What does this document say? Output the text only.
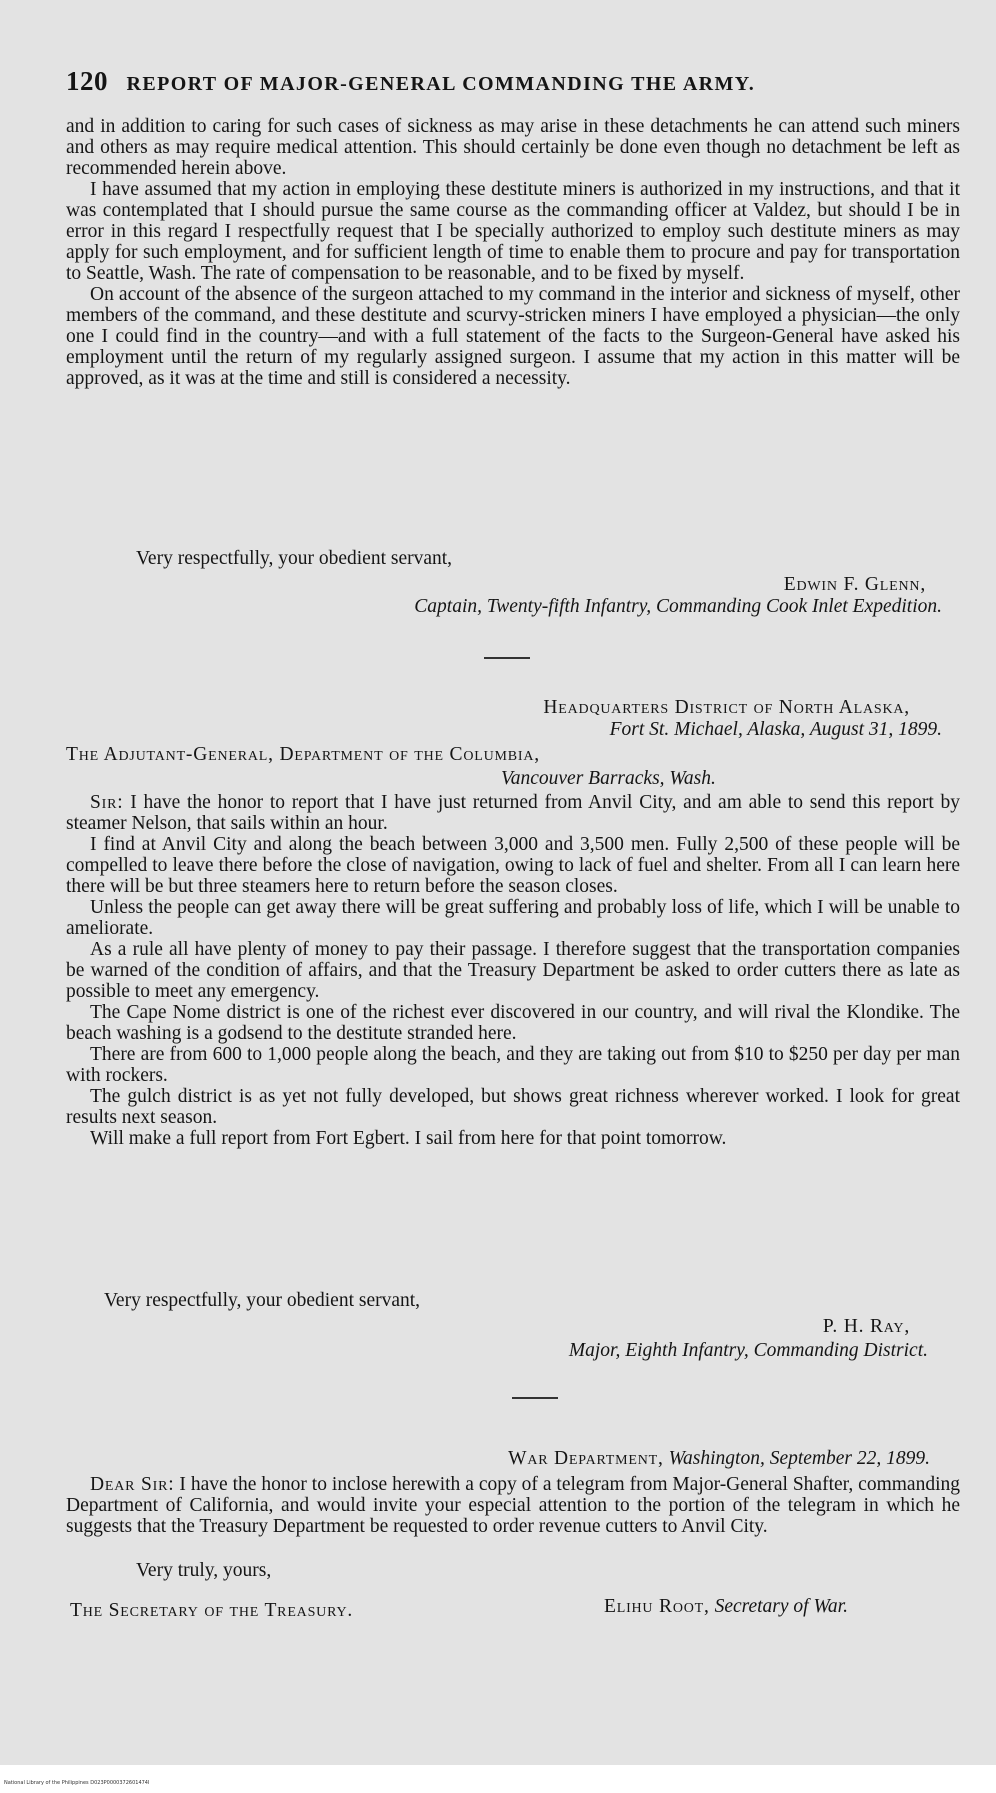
120 REPORT OF MAJOR-GENERAL COMMANDING THE ARMY.

and in addition to caring for such cases of sickness as may arise in these detachments he can attend such miners and others as may require medical attention. This should certainly be done even though no detachment be left as recommended herein above.

I have assumed that my action in employing these destitute miners is authorized in my instructions, and that it was contemplated that I should pursue the same course as the commanding officer at Valdez, but should I be in error in this regard I respectfully request that I be specially authorized to employ such destitute miners as may apply for such employment, and for sufficient length of time to enable them to procure and pay for transportation to Seattle, Wash. The rate of compensation to be reasonable, and to be fixed by myself.

On account of the absence of the surgeon attached to my command in the interior and sickness of myself, other members of the command, and these destitute and scurvy-stricken miners I have employed a physician—the only one I could find in the country—and with a full statement of the facts to the Surgeon-General have asked his employment until the return of my regularly assigned surgeon. I assume that my action in this matter will be approved, as it was at the time and still is considered a necessity.

Very respectfully, your obedient servant,
Edwin F. Glenn,
Captain, Twenty-fifth Infantry, Commanding Cook Inlet Expedition.
Headquarters District of North Alaska,
Fort St. Michael, Alaska, August 31, 1899.
The Adjutant-General, Department of the Columbia,
Vancouver Barracks, Wash.

Sir: I have the honor to report that I have just returned from Anvil City, and am able to send this report by steamer Nelson, that sails within an hour.

I find at Anvil City and along the beach between 3,000 and 3,500 men. Fully 2,500 of these people will be compelled to leave there before the close of navigation, owing to lack of fuel and shelter. From all I can learn here there will be but three steamers here to return before the season closes.

Unless the people can get away there will be great suffering and probably loss of life, which I will be unable to ameliorate.

As a rule all have plenty of money to pay their passage. I therefore suggest that the transportation companies be warned of the condition of affairs, and that the Treasury Department be asked to order cutters there as late as possible to meet any emergency.

The Cape Nome district is one of the richest ever discovered in our country, and will rival the Klondike. The beach washing is a godsend to the destitute stranded here.

There are from 600 to 1,000 people along the beach, and they are taking out from $10 to $250 per day per man with rockers.

The gulch district is as yet not fully developed, but shows great richness wherever worked. I look for great results next season.

Will make a full report from Fort Egbert. I sail from here for that point tomorrow.

Very respectfully, your obedient servant,
P. H. Ray,
Major, Eighth Infantry, Commanding District.
War Department, Washington, September 22, 1899.

Dear Sir: I have the honor to inclose herewith a copy of a telegram from Major-General Shafter, commanding Department of California, and would invite your especial attention to the portion of the telegram in which he suggests that the Treasury Department be requested to order revenue cutters to Anvil City.

Very truly, yours,
Elihu Root, Secretary of War.
The Secretary of the Treasury.
National Library of the Philippines D023P0000372601474I
